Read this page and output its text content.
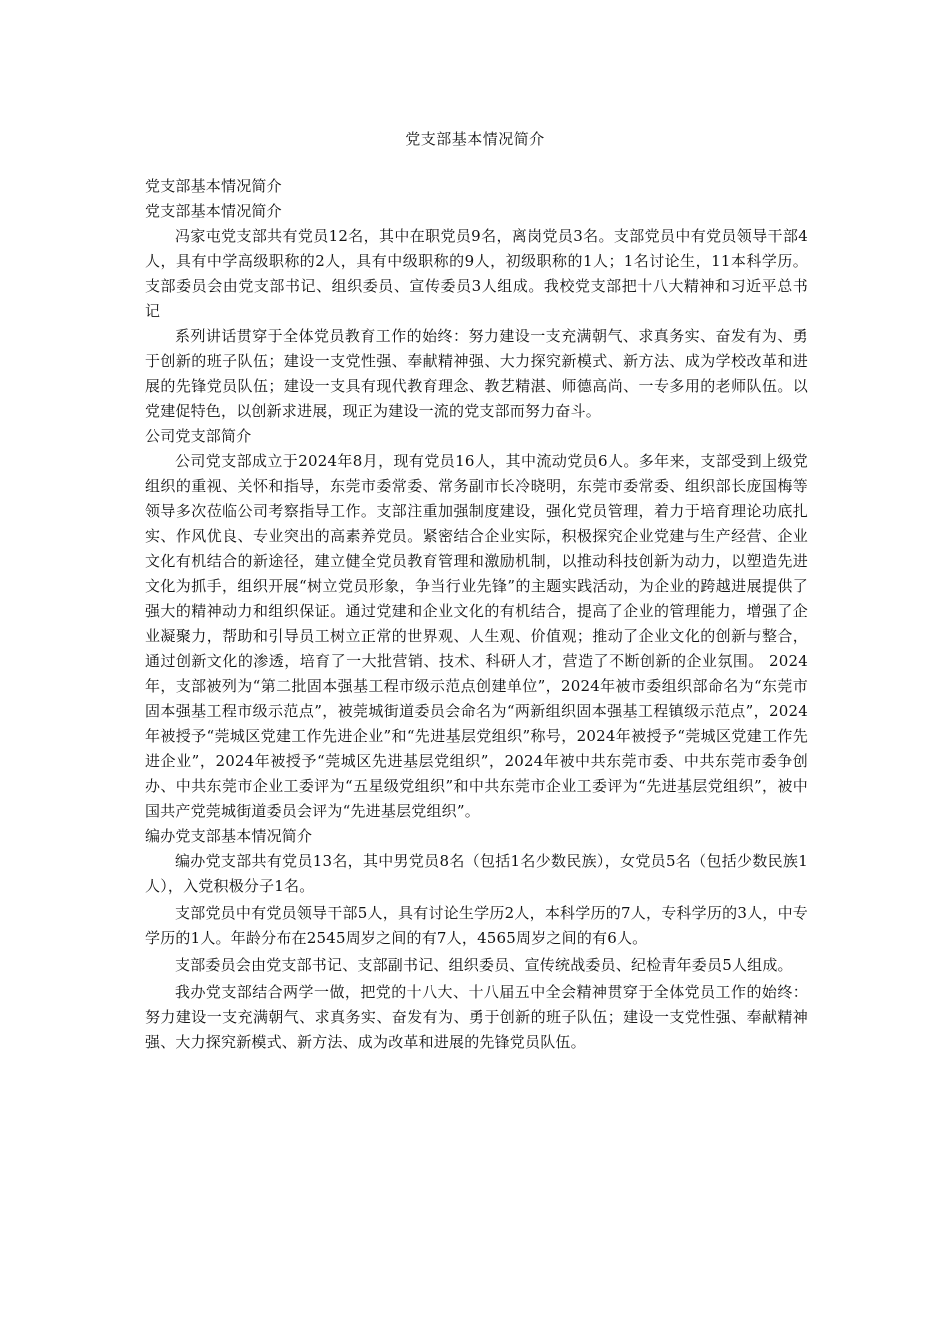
党支部基本情况简介

党支部基本情况简介

党支部基本情况简介

冯家屯党支部共有党员12名，其中在职党员9名，离岗党员3名。支部党员中有党员领导干部4人，具有中学高级职称的2人，具有中级职称的9人，初级职称的1人；1名讨论生，11本科学历。支部委员会由党支部书记、组织委员、宣传委员3人组成。我校党支部把十八大精神和习近平总书记

系列讲话贯穿于全体党员教育工作的始终：努力建设一支充满朝气、求真务实、奋发有为、勇于创新的班子队伍；建设一支党性强、奉献精神强、大力探究新模式、新方法、成为学校改革和进展的先锋党员队伍；建设一支具有现代教育理念、教艺精湛、师德高尚、一专多用的老师队伍。以党建促特色，以创新求进展，现正为建设一流的党支部而努力奋斗。

公司党支部简介

公司党支部成立于2024年8月，现有党员16人，其中流动党员6人。多年来，支部受到上级党组织的重视、关怀和指导，东莞市委常委、常务副市长冷晓明，东莞市委常委、组织部长庞国梅等领导多次莅临公司考察指导工作。支部注重加强制度建设，强化党员管理，着力于培育理论功底扎实、作风优良、专业突出的高素养党员。紧密结合企业实际，积极探究企业党建与生产经营、企业文化有机结合的新途径，建立健全党员教育管理和激励机制，以推动科技创新为动力，以塑造先进文化为抓手，组织开展“树立党员形象，争当行业先锋”的主题实践活动，为企业的跨越进展提供了强大的精神动力和组织保证。通过党建和企业文化的有机结合，提高了企业的管理能力，增强了企业凝聚力，帮助和引导员工树立正常的世界观、人生观、价值观；推动了企业文化的创新与整合，通过创新文化的渗透，培育了一大批营销、技术、科研人才，营造了不断创新的企业氛围。 2024年，支部被列为“第二批固本强基工程市级示范点创建单位”，2024年被市委组织部命名为“东莞市固本强基工程市级示范点”，被莞城街道委员会命名为“两新组织固本强基工程镇级示范点”，2024年被授予“莞城区党建工作先进企业”和“先进基层党组织”称号，2024年被授予“莞城区党建工作先进企业”，2024年被授予“莞城区先进基层党组织”，2024年被中共东莞市委、中共东莞市委争创办、中共东莞市企业工委评为“五星级党组织”和中共东莞市企业工委评为“先进基层党组织”，被中国共产党莞城街道委员会评为“先进基层党组织”。

编办党支部基本情况简介

编办党支部共有党员13名，其中男党员8名（包括1名少数民族），女党员5名（包括少数民族1人），入党积极分子1名。

支部党员中有党员领导干部5人，具有讨论生学历2人，本科学历的7人，专科学历的3人，中专学历的1人。年龄分布在2545周岁之间的有7人，4565周岁之间的有6人。

支部委员会由党支部书记、支部副书记、组织委员、宣传统战委员、纪检青年委员5人组成。

我办党支部结合两学一做，把党的十八大、十八届五中全会精神贯穿于全体党员工作的始终：努力建设一支充满朝气、求真务实、奋发有为、勇于创新的班子队伍；建设一支党性强、奉献精神强、大力探究新模式、新方法、成为改革和进展的先锋党员队伍。
